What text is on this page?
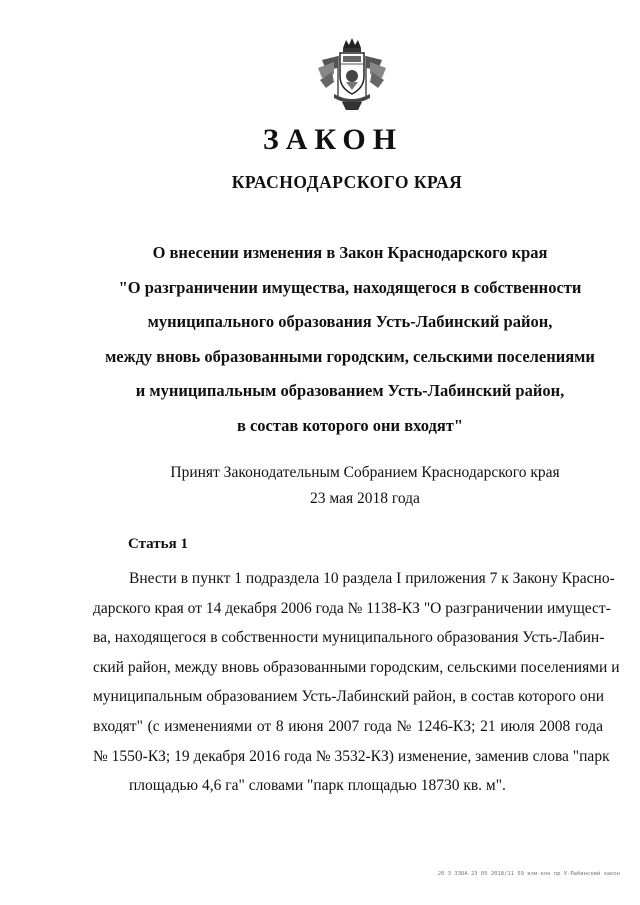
ЗАКОН
КРАСНОДАРСКОГО КРАЯ
О внесении изменения в Закон Краснодарского края
"О разграничении имущества, находящегося в собственности
муниципального образования Усть-Лабинский район,
между вновь образованными городским, сельскими поселениями
и муниципальным образованием Усть-Лабинский район,
в состав которого они входят"
Принят Законодательным Собранием Краснодарского края
23 мая 2018 года
Статья 1
Внести в пункт 1 подраздела 10 раздела I приложения 7 к Закону Красно-
дарского края от 14 декабря 2006 года № 1138-КЗ "О разграничении имущест-
ва, находящегося в собственности муниципального образования Усть-Лабин-
ский район, между вновь образованными городским, сельскими поселениями и
муниципальным образованием Усть-Лабинский район, в состав которого они
входят" (с изменениями от 8 июня 2007 года № 1246-КЗ; 21 июля 2008 года
№ 1550-КЗ; 19 декабря 2016 года № 3532-КЗ) изменение, заменив слова "парк
площадью 4,6 га" словами "парк площадью 18730 кв. м".
20 3 ЗЗОА 23 05 2018/11 59 изм-кон пр У-Лабинский закон
